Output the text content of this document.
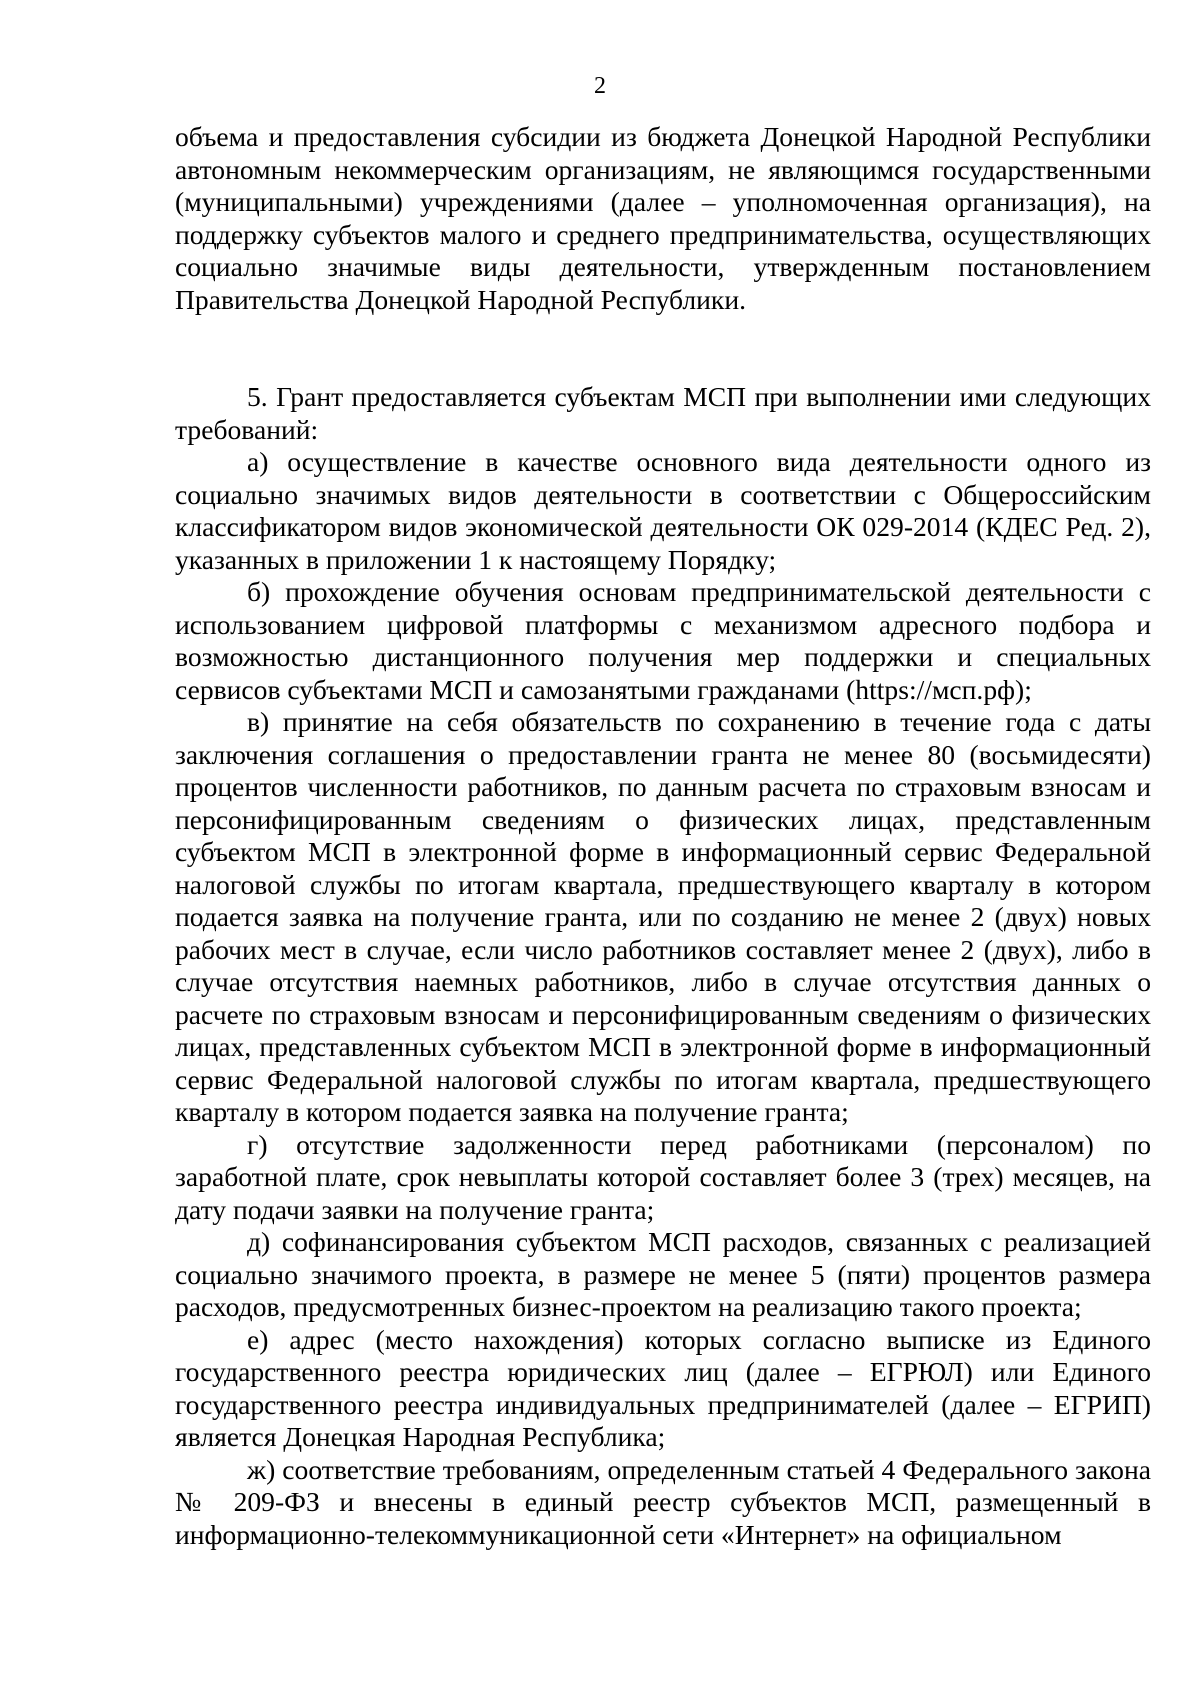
2

объема и предоставления субсидии из бюджета Донецкой Народной Республики автономным некоммерческим организациям, не являющимся государственными (муниципальными) учреждениями (далее – уполномоченная организация), на поддержку субъектов малого и среднего предпринимательства, осуществляющих социально значимые виды деятельности, утвержденным постановлением Правительства Донецкой Народной Республики.

5. Грант предоставляется субъектам МСП при выполнении ими следующих требований:

а) осуществление в качестве основного вида деятельности одного из социально значимых видов деятельности в соответствии с Общероссийским классификатором видов экономической деятельности ОК 029-2014 (КДЕС Ред. 2), указанных в приложении 1 к настоящему Порядку;

б) прохождение обучения основам предпринимательской деятельности с использованием цифровой платформы с механизмом адресного подбора и возможностью дистанционного получения мер поддержки и специальных сервисов субъектами МСП и самозанятыми гражданами (https://мсп.рф);

в) принятие на себя обязательств по сохранению в течение года с даты заключения соглашения о предоставлении гранта не менее 80 (восьмидесяти) процентов численности работников, по данным расчета по страховым взносам и персонифицированным сведениям о физических лицах, представленным субъектом МСП в электронной форме в информационный сервис Федеральной налоговой службы по итогам квартала, предшествующего кварталу в котором подается заявка на получение гранта, или по созданию не менее 2 (двух) новых рабочих мест в случае, если число работников составляет менее 2 (двух), либо в случае отсутствия наемных работников, либо в случае отсутствия данных о расчете по страховым взносам и персонифицированным сведениям о физических лицах, представленных субъектом МСП в электронной форме в информационный сервис Федеральной налоговой службы по итогам квартала, предшествующего кварталу в котором подается заявка на получение гранта;

г) отсутствие задолженности перед работниками (персоналом) по заработной плате, срок невыплаты которой составляет более 3 (трех) месяцев, на дату подачи заявки на получение гранта;

д) софинансирования субъектом МСП расходов, связанных с реализацией социально значимого проекта, в размере не менее 5 (пяти) процентов размера расходов, предусмотренных бизнес-проектом на реализацию такого проекта;

е) адрес (место нахождения) которых согласно выписке из Единого государственного реестра юридических лиц (далее – ЕГРЮЛ) или Единого государственного реестра индивидуальных предпринимателей (далее – ЕГРИП) является Донецкая Народная Республика;

ж) соответствие требованиям, определенным статьей 4 Федерального закона № 209-ФЗ и внесены в единый реестр субъектов МСП, размещенный в информационно-телекоммуникационной сети «Интернет» на официальном
